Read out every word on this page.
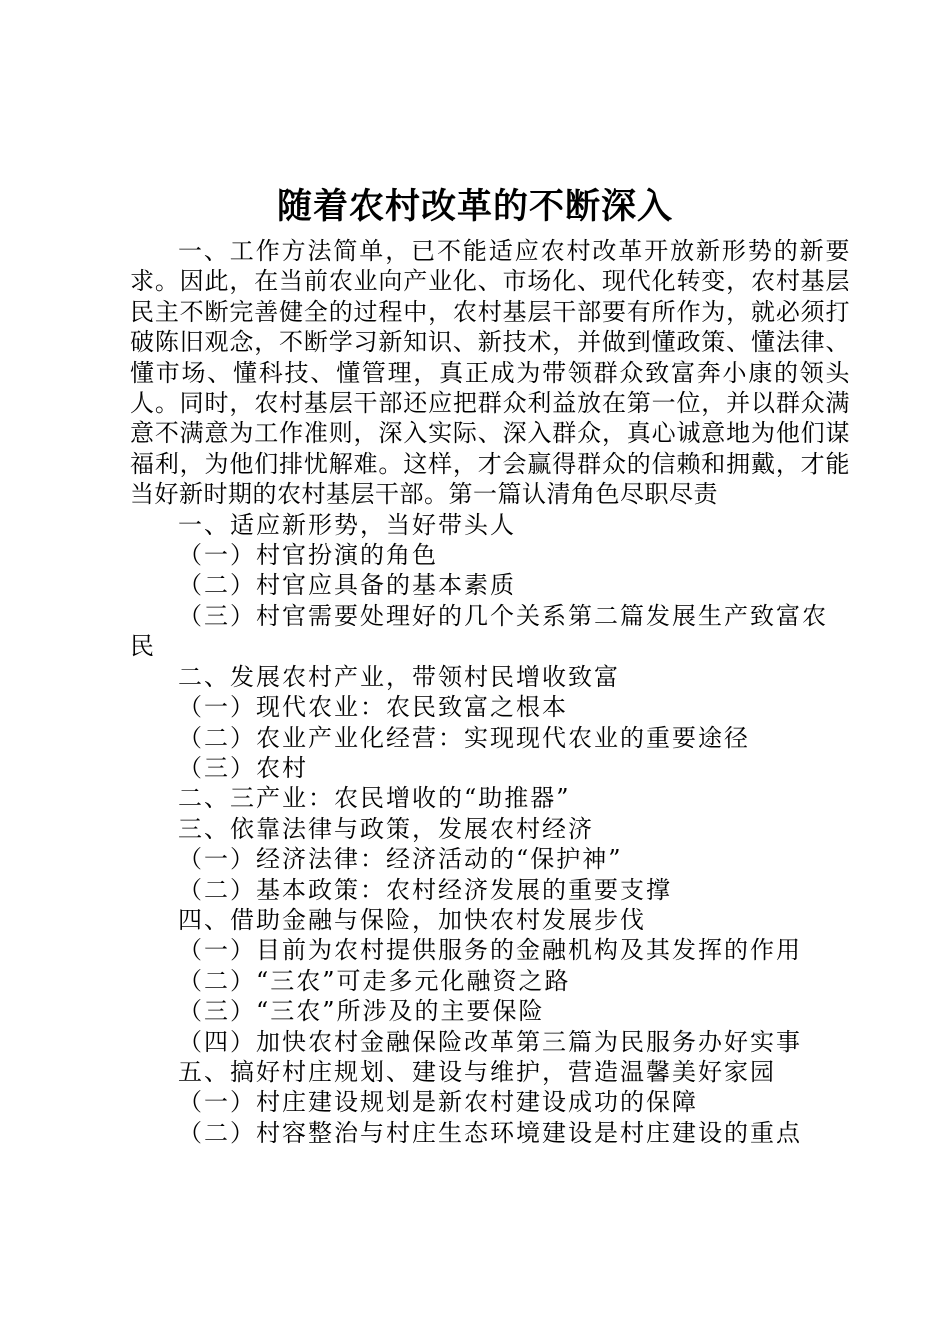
随着农村改革的不断深入

一、工作方法简单，已不能适应农村改革开放新形势的新要求。因此，在当前农业向产业化、市场化、现代化转变，农村基层民主不断完善健全的过程中，农村基层干部要有所作为，就必须打破陈旧观念，不断学习新知识、新技术，并做到懂政策、懂法律、懂市场、懂科技、懂管理，真正成为带领群众致富奔小康的领头人。同时，农村基层干部还应把群众利益放在第一位，并以群众满意不满意为工作准则，深入实际、深入群众，真心诚意地为他们谋福利，为他们排忧解难。这样，才会赢得群众的信赖和拥戴，才能当好新时期的农村基层干部。第一篇认清角色尽职尽责

一、适应新形势，当好带头人

（一）村官扮演的角色

（二）村官应具备的基本素质

（三）村官需要处理好的几个关系第二篇发展生产致富农民

二、发展农村产业，带领村民增收致富

（一）现代农业：农民致富之根本

（二）农业产业化经营：实现现代农业的重要途径

（三）农村

二、三产业：农民增收的“助推器”

三、依靠法律与政策，发展农村经济

（一）经济法律：经济活动的“保护神”

（二）基本政策：农村经济发展的重要支撑

四、借助金融与保险，加快农村发展步伐

（一）目前为农村提供服务的金融机构及其发挥的作用

（二）“三农”可走多元化融资之路

（三）“三农”所涉及的主要保险

（四）加快农村金融保险改革第三篇为民服务办好实事

五、搞好村庄规划、建设与维护，营造温馨美好家园

（一）村庄建设规划是新农村建设成功的保障

（二）村容整治与村庄生态环境建设是村庄建设的重点
